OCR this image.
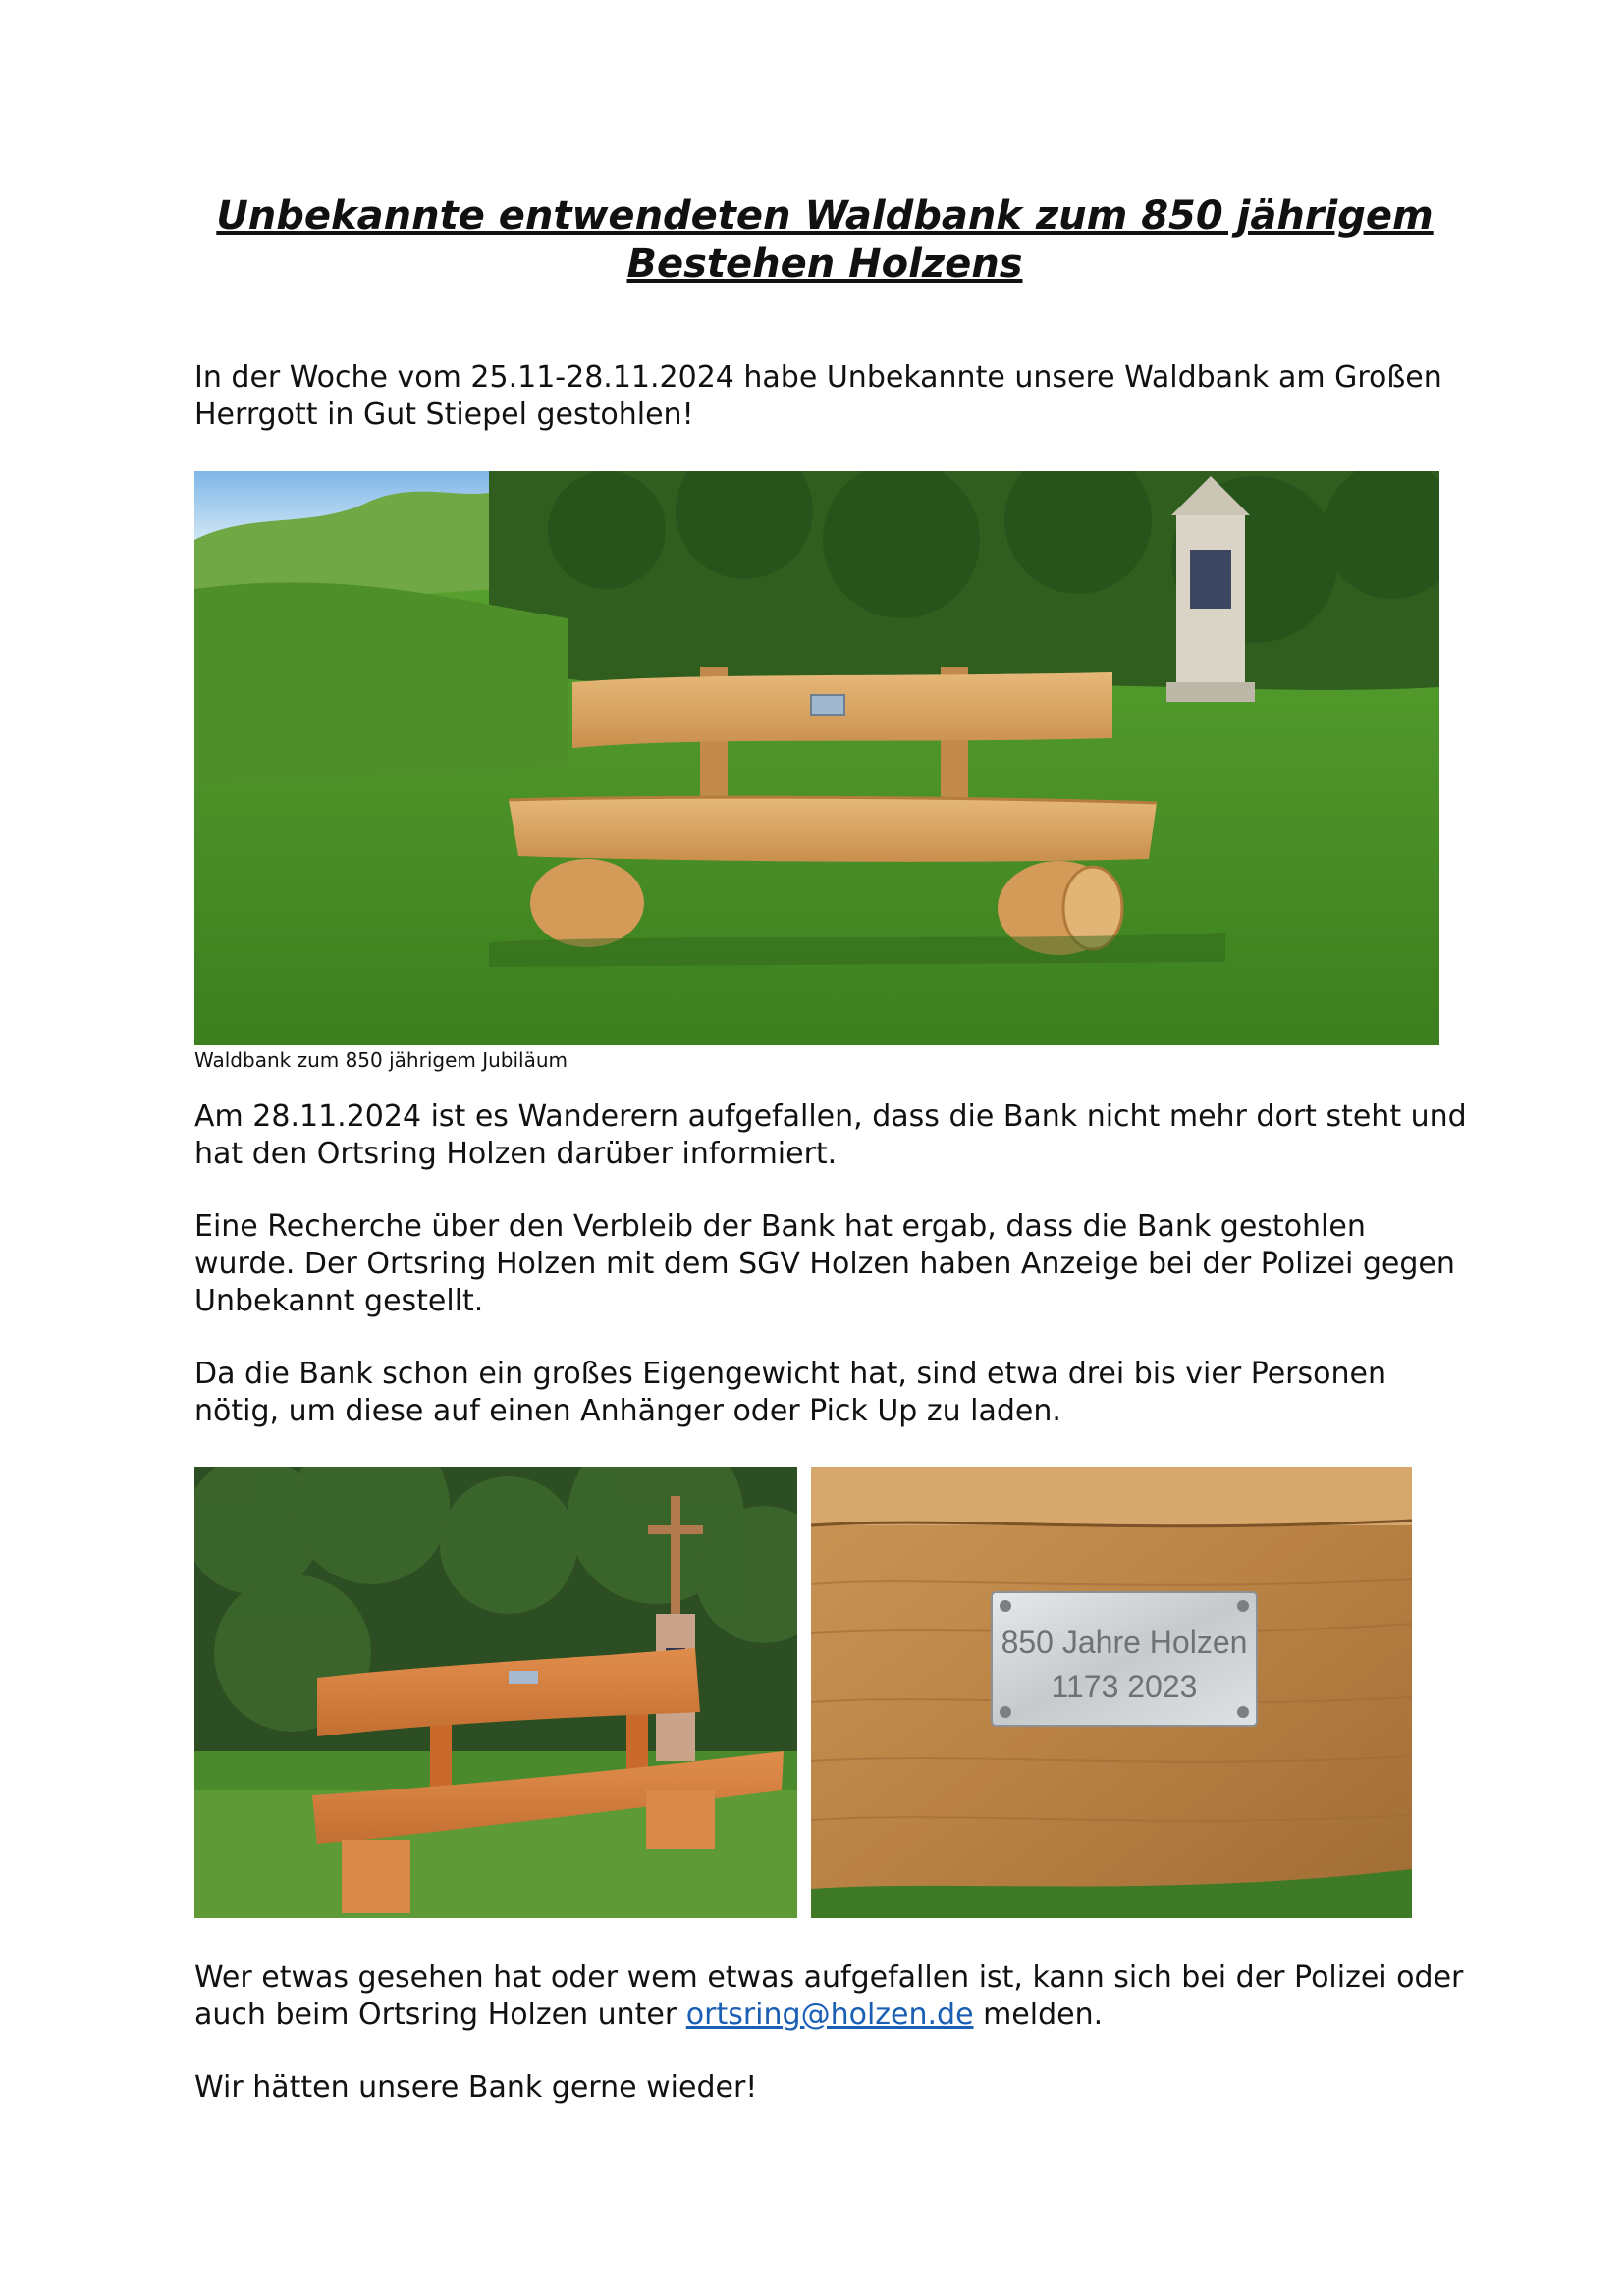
Unbekannte entwendeten Waldbank zum 850 jährigem
Bestehen Holzens

In der Woche vom 25.11-28.11.2024 habe Unbekannte unsere Waldbank am Großen Herrgott in Gut Stiepel gestohlen!

Waldbank zum 850 jährigem Jubiläum

Am 28.11.2024 ist es Wanderern aufgefallen, dass die Bank nicht mehr dort steht und hat den Ortsring Holzen darüber informiert.

Eine Recherche über den Verbleib der Bank hat ergab, dass die Bank gestohlen wurde. Der Ortsring Holzen mit dem SGV Holzen haben Anzeige bei der Polizei gegen Unbekannt gestellt.

Da die Bank schon ein großes Eigengewicht hat, sind etwa drei bis vier Personen nötig, um diese auf einen Anhänger oder Pick Up zu laden.

850 Jahre Holzen
1173 2023

Wer etwas gesehen hat oder wem etwas aufgefallen ist, kann sich bei der Polizei oder auch beim Ortsring Holzen unter ortsring@holzen.de melden.

Wir hätten unsere Bank gerne wieder!
